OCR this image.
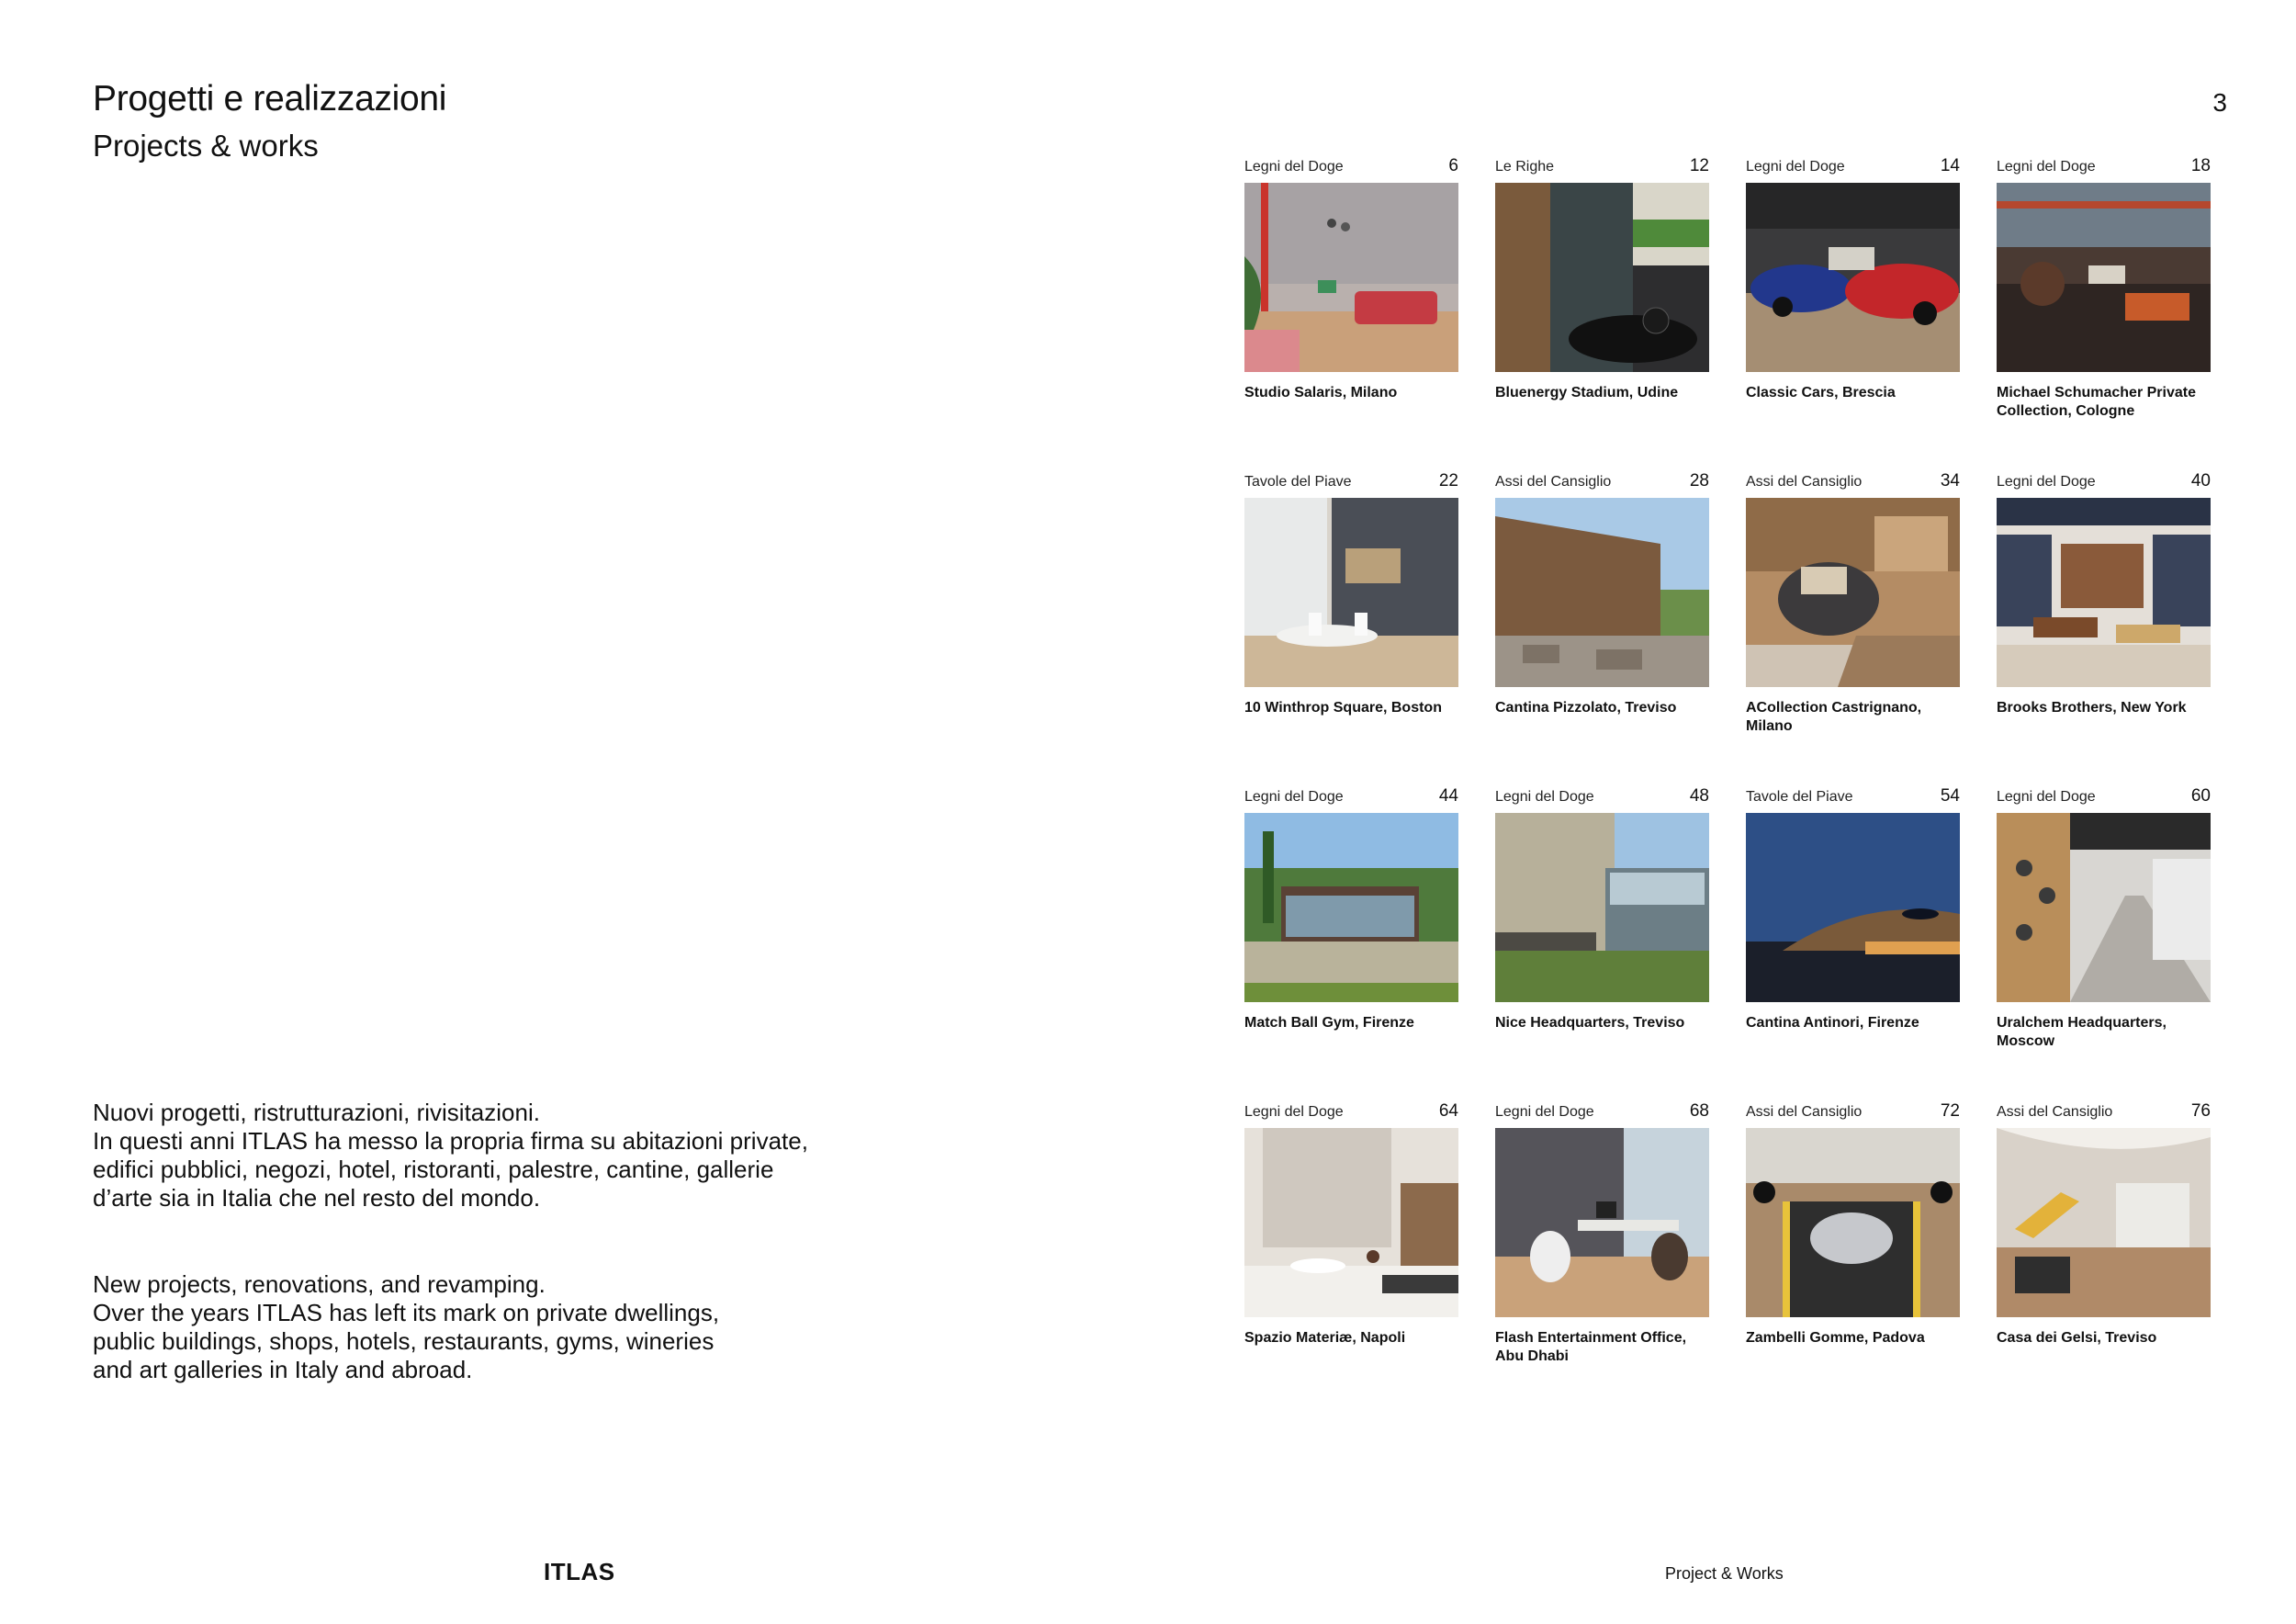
Progetti e realizzazioni
Projects & works
3

Nuovi progetti, ristrutturazioni, rivisitazioni.
In questi anni ITLAS ha messo la propria firma su abitazioni private,
edifici pubblici, negozi, hotel, ristoranti, palestre, cantine, gallerie
d’arte sia in Italia che nel resto del mondo.

New projects, renovations, and revamping.
Over the years ITLAS has left its mark on private dwellings,
public buildings, shops, hotels, restaurants, gyms, wineries
and art galleries in Italy and abroad.

Legni del Doge	6
Studio Salaris, Milano
Le Righe	12
Bluenergy Stadium, Udine
Legni del Doge	14
Classic Cars, Brescia
Legni del Doge	18
Michael Schumacher Private Collection, Cologne
Tavole del Piave	22
10 Winthrop Square, Boston
Assi del Cansiglio	28
Cantina Pizzolato, Treviso
Assi del Cansiglio	34
ACollection Castrignano, Milano
Legni del Doge	40
Brooks Brothers, New York
Legni del Doge	44
Match Ball Gym, Firenze
Legni del Doge	48
Nice Headquarters, Treviso
Tavole del Piave	54
Cantina Antinori, Firenze
Legni del Doge	60
Uralchem Headquarters, Moscow
Legni del Doge	64
Spazio Materiæ, Napoli
Legni del Doge	68
Flash Entertainment Office, Abu Dhabi
Assi del Cansiglio	72
Zambelli Gomme, Padova
Assi del Cansiglio	76
Casa dei Gelsi, Treviso
ITLAS	Project & Works
